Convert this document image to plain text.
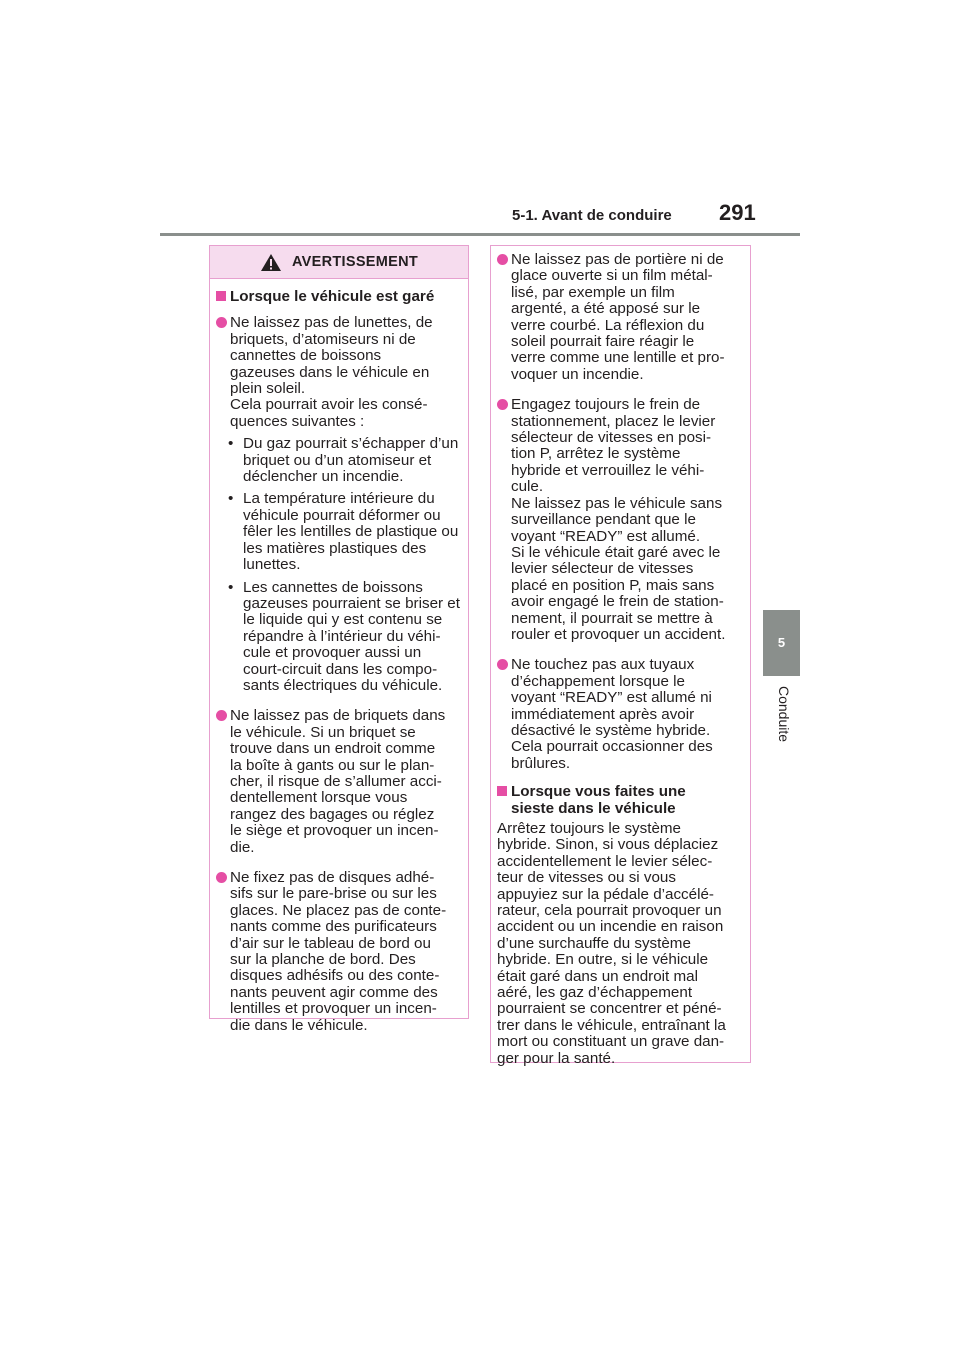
5-1. Avant de conduire 291
5
Conduite
AVERTISSEMENT
Lorsque le véhicule est garé
Ne laissez pas de lunettes, de
briquets, d’atomiseurs ni de
cannettes de boissons
gazeuses dans le véhicule en
plein soleil.
Cela pourrait avoir les consé-
quences suivantes :
• Du gaz pourrait s’échapper d’un
briquet ou d’un atomiseur et
déclencher un incendie.
• La température intérieure du
véhicule pourrait déformer ou
fêler les lentilles de plastique ou
les matières plastiques des
lunettes.
• Les cannettes de boissons
gazeuses pourraient se briser et
le liquide qui y est contenu se
répandre à l’intérieur du véhi-
cule et provoquer aussi un
court-circuit dans les compo-
sants électriques du véhicule.
Ne laissez pas de briquets dans
le véhicule. Si un briquet se
trouve dans un endroit comme
la boîte à gants ou sur le plan-
cher, il risque de s’allumer acci-
dentellement lorsque vous
rangez des bagages ou réglez
le siège et provoquer un incen-
die.
Ne fixez pas de disques adhé-
sifs sur le pare-brise ou sur les
glaces. Ne placez pas de conte-
nants comme des purificateurs
d’air sur le tableau de bord ou
sur la planche de bord. Des
disques adhésifs ou des conte-
nants peuvent agir comme des
lentilles et provoquer un incen-
die dans le véhicule.
Ne laissez pas de portière ni de
glace ouverte si un film métal-
lisé, par exemple un film
argenté, a été apposé sur le
verre courbé. La réflexion du
soleil pourrait faire réagir le
verre comme une lentille et pro-
voquer un incendie.
Engagez toujours le frein de
stationnement, placez le levier
sélecteur de vitesses en posi-
tion P, arrêtez le système
hybride et verrouillez le véhi-
cule.
Ne laissez pas le véhicule sans
surveillance pendant que le
voyant “READY” est allumé.
Si le véhicule était garé avec le
levier sélecteur de vitesses
placé en position P, mais sans
avoir engagé le frein de station-
nement, il pourrait se mettre à
rouler et provoquer un accident.
Ne touchez pas aux tuyaux
d’échappement lorsque le
voyant “READY” est allumé ni
immédiatement après avoir
désactivé le système hybride.
Cela pourrait occasionner des
brûlures.
Lorsque vous faites une
sieste dans le véhicule
Arrêtez toujours le système
hybride. Sinon, si vous déplaciez
accidentellement le levier sélec-
teur de vitesses ou si vous
appuyiez sur la pédale d’accélé-
rateur, cela pourrait provoquer un
accident ou un incendie en raison
d’une surchauffe du système
hybride. En outre, si le véhicule
était garé dans un endroit mal
aéré, les gaz d’échappement
pourraient se concentrer et péné-
trer dans le véhicule, entraînant la
mort ou constituant un grave dan-
ger pour la santé.
